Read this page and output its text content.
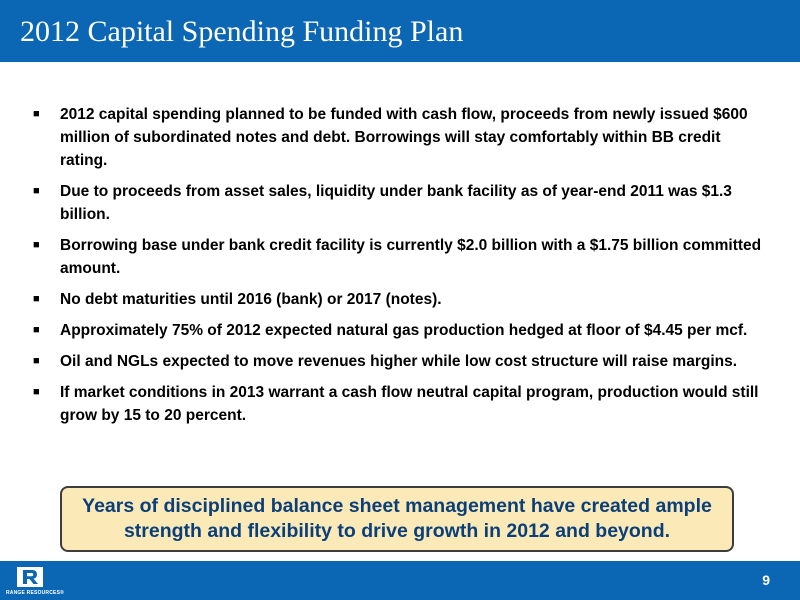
2012 Capital Spending Funding Plan
■ 2012 capital spending planned to be funded with cash flow, proceeds from newly issued $600 million of subordinated notes and debt. Borrowings will stay comfortably within BB credit rating.
■ Due to proceeds from asset sales, liquidity under bank facility as of year-end 2011 was $1.3 billion.
■ Borrowing base under bank credit facility is currently $2.0 billion with a $1.75 billion committed amount.
■ No debt maturities until 2016 (bank) or 2017 (notes).
■ Approximately 75% of 2012 expected natural gas production hedged at floor of $4.45 per mcf.
■ Oil and NGLs expected to move revenues higher while low cost structure will raise margins.
■ If market conditions in 2013 warrant a cash flow neutral capital program, production would still grow by 15 to 20 percent.
Years of disciplined balance sheet management have created ample strength and flexibility to drive growth in 2012 and beyond.
RANGE RESOURCES®
9
